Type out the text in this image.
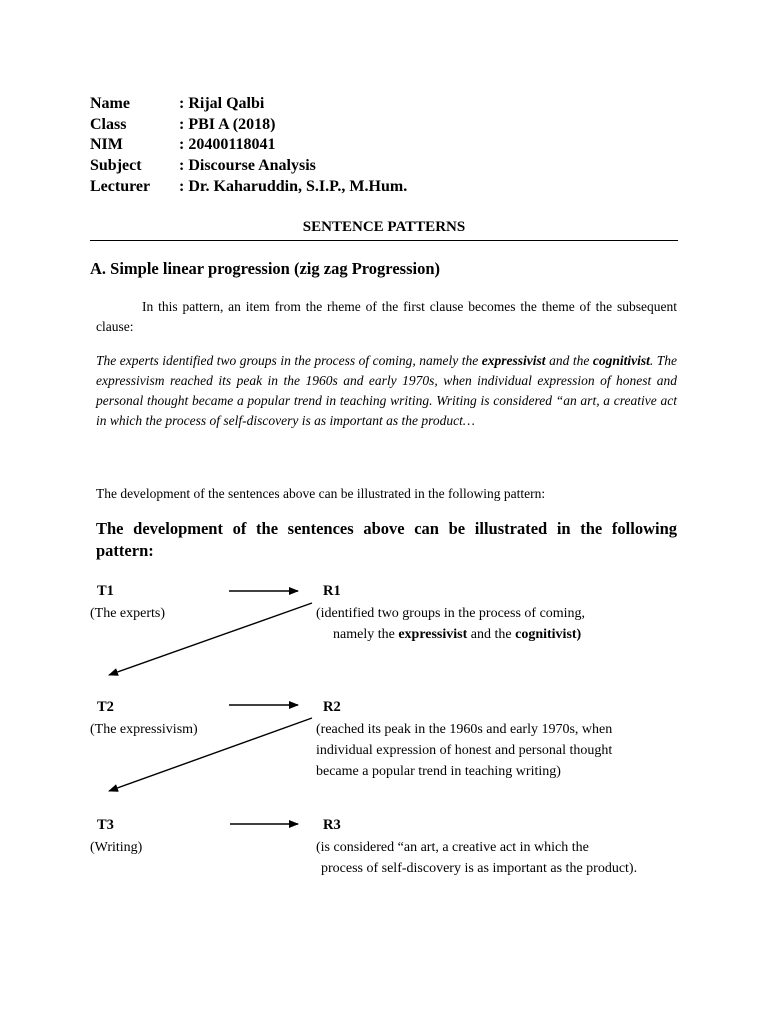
Name	: Rijal Qalbi
Class	: PBI A (2018)
NIM	: 20400118041
Subject : Discourse Analysis
Lecturer : Dr. Kaharuddin, S.I.P., M.Hum.
SENTENCE PATTERNS
A. Simple linear progression (zig zag Progression)
In this pattern, an item from the rheme of the first clause becomes the theme of the subsequent clause:
The experts identified two groups in the process of coming, namely the expressivist and the cognitivist. The expressivism reached its peak in the 1960s and early 1970s, when individual expression of honest and personal thought became a popular trend in teaching writing. Writing is considered “an art, a creative act in which the process of self-discovery is as important as the product…
The development of the sentences above can be illustrated in the following pattern:
The development of the sentences above can be illustrated in the following pattern:
T1
(The experts)
R1
(identified two groups in the process of coming,
namely the expressivist and the cognitivist)
T2
(The expressivism)
R2
(reached its peak in the 1960s and early 1970s, when
individual expression of honest and personal thought
became a popular trend in teaching writing)
T3
(Writing)
R3
(is considered “an art, a creative act in which the
process of self-discovery is as important as the product).
